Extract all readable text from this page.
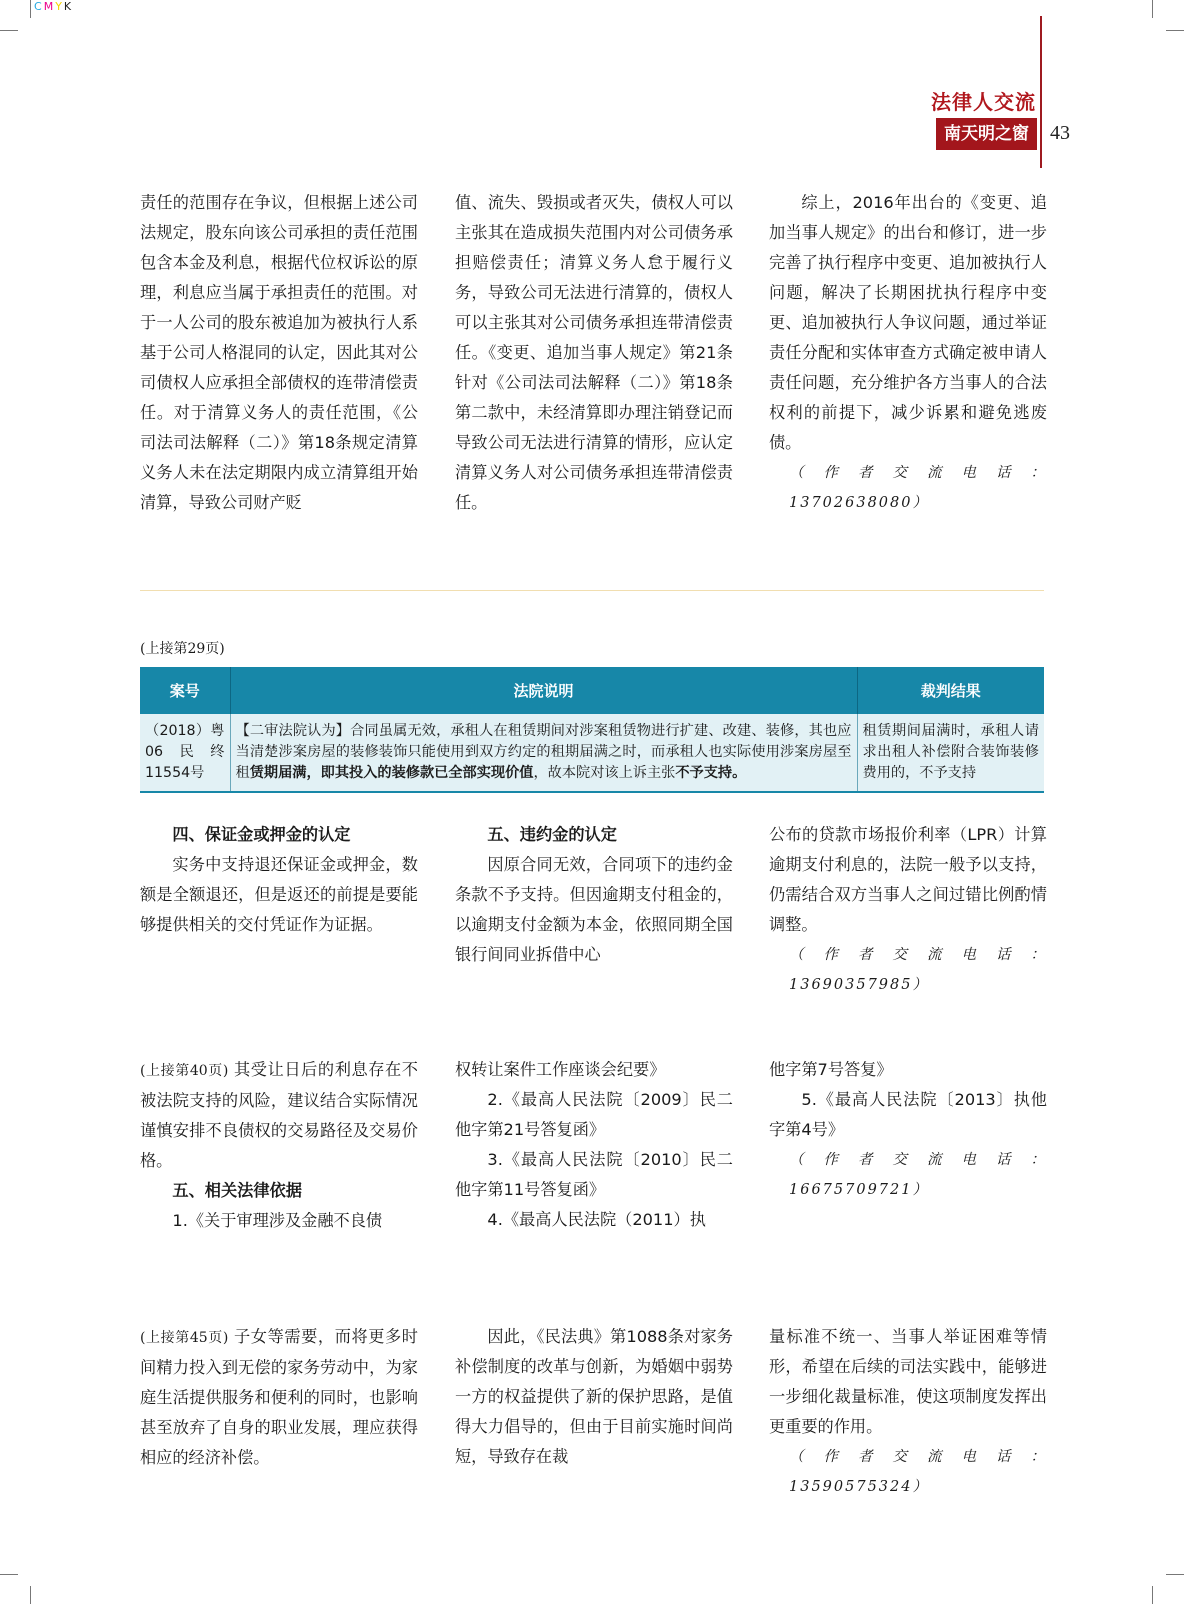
CMYK
法律人交流
南天明之窗	43

责任的范围存在争议，但根据上述公司法规定，股东向该公司承担的责任范围包含本金及利息，根据代位权诉讼的原理，利息应当属于承担责任的范围。对于一人公司的股东被追加为被执行人系基于公司人格混同的认定，因此其对公司债权人应承担全部债权的连带清偿责任。对于清算义务人的责任范围，《公司法司法解释（二）》第18条规定清算义务人未在法定期限内成立清算组开始清算，导致公司财产贬

值、流失、毁损或者灭失，债权人可以主张其在造成损失范围内对公司债务承担赔偿责任；清算义务人怠于履行义务，导致公司无法进行清算的，债权人可以主张其对公司债务承担连带清偿责任。《变更、追加当事人规定》第21条针对《公司法司法解释（二）》第18条第二款中，未经清算即办理注销登记而导致公司无法进行清算的情形，应认定清算义务人对公司债务承担连带清偿责任。

综上，2016年出台的《变更、追加当事人规定》的出台和修订，进一步完善了执行程序中变更、追加被执行人问题，解决了长期困扰执行程序中变更、追加被执行人争议问题，通过举证责任分配和实体审查方式确定被申请人责任问题，充分维护各方当事人的合法权利的前提下，减少诉累和避免逃废债。

（作者交流电话：13702638080）

(上接第29页)
案号	法院说明	裁判结果
（2018）粤06民终11554号	【二审法院认为】合同虽属无效，承租人在租赁期间对涉案租赁物进行扩建、改建、装修，其也应当清楚涉案房屋的装修装饰只能使用到双方约定的租期届满之时，而承租人也实际使用涉案房屋至租赁期届满，即其投入的装修款已全部实现价值，故本院对该上诉主张不予支持。	租赁期间届满时，承租人请求出租人补偿附合装饰装修费用的，不予支持

四、保证金或押金的认定

实务中支持退还保证金或押金，数额是全额退还，但是返还的前提是要能够提供相关的交付凭证作为证据。

五、违约金的认定

因原合同无效，合同项下的违约金条款不予支持。但因逾期支付租金的，以逾期支付金额为本金，依照同期全国银行间同业拆借中心

公布的贷款市场报价利率（LPR）计算逾期支付利息的，法院一般予以支持，仍需结合双方当事人之间过错比例酌情调整。

（作者交流电话：13690357985）

(上接第40页) 其受让日后的利息存在不被法院支持的风险，建议结合实际情况谨慎安排不良债权的交易路径及交易价格。

五、相关法律依据

1.《关于审理涉及金融不良债

权转让案件工作座谈会纪要》

2.《最高人民法院〔2009〕民二他字第21号答复函》

3.《最高人民法院〔2010〕民二他字第11号答复函》

4.《最高人民法院（2011）执

他字第7号答复》

5.《最高人民法院〔2013〕执他字第4号》

（作者交流电话：16675709721）

(上接第45页) 子女等需要，而将更多时间精力投入到无偿的家务劳动中，为家庭生活提供服务和便利的同时，也影响甚至放弃了自身的职业发展，理应获得相应的经济补偿。

因此，《民法典》第1088条对家务补偿制度的改革与创新，为婚姻中弱势一方的权益提供了新的保护思路，是值得大力倡导的，但由于目前实施时间尚短，导致存在裁

量标准不统一、当事人举证困难等情形，希望在后续的司法实践中，能够进一步细化裁量标准，使这项制度发挥出更重要的作用。

（作者交流电话：13590575324）
